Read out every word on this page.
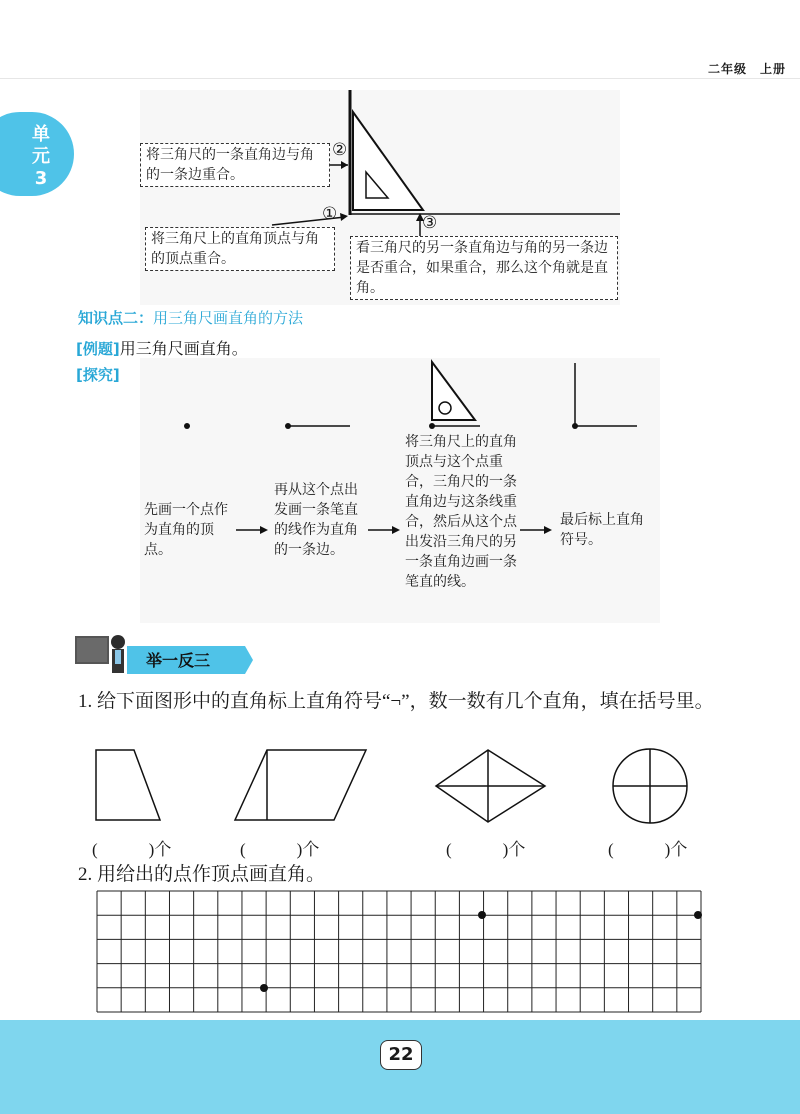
二年级　上册
单
元
3
②
①	③
将三角尺的一条直角边与角的一条边重合。
将三角尺上的直角顶点与角的顶点重合。
看三角尺的另一条直角边与角的另一条边是否重合，如果重合，那么这个角就是直角。
知识点二：用三角尺画直角的方法
[例题]用三角尺画直角。
[探究]
先画一个点作为直角的顶点。
再从这个点出发画一条笔直的线作为直角的一条边。
将三角尺上的直角顶点与这个点重合，三角尺的一条直角边与这条线重合，然后从这个点出发沿三角尺的另一条直角边画一条笔直的线。
最后标上直角符号。
举一反三
1. 给下面图形中的直角标上直角符号“¬”，数一数有几个直角，填在括号里。
(　　　)个	(　　　)个	(　　　)个	(　　　)个
2. 用给出的点作顶点画直角。
22
